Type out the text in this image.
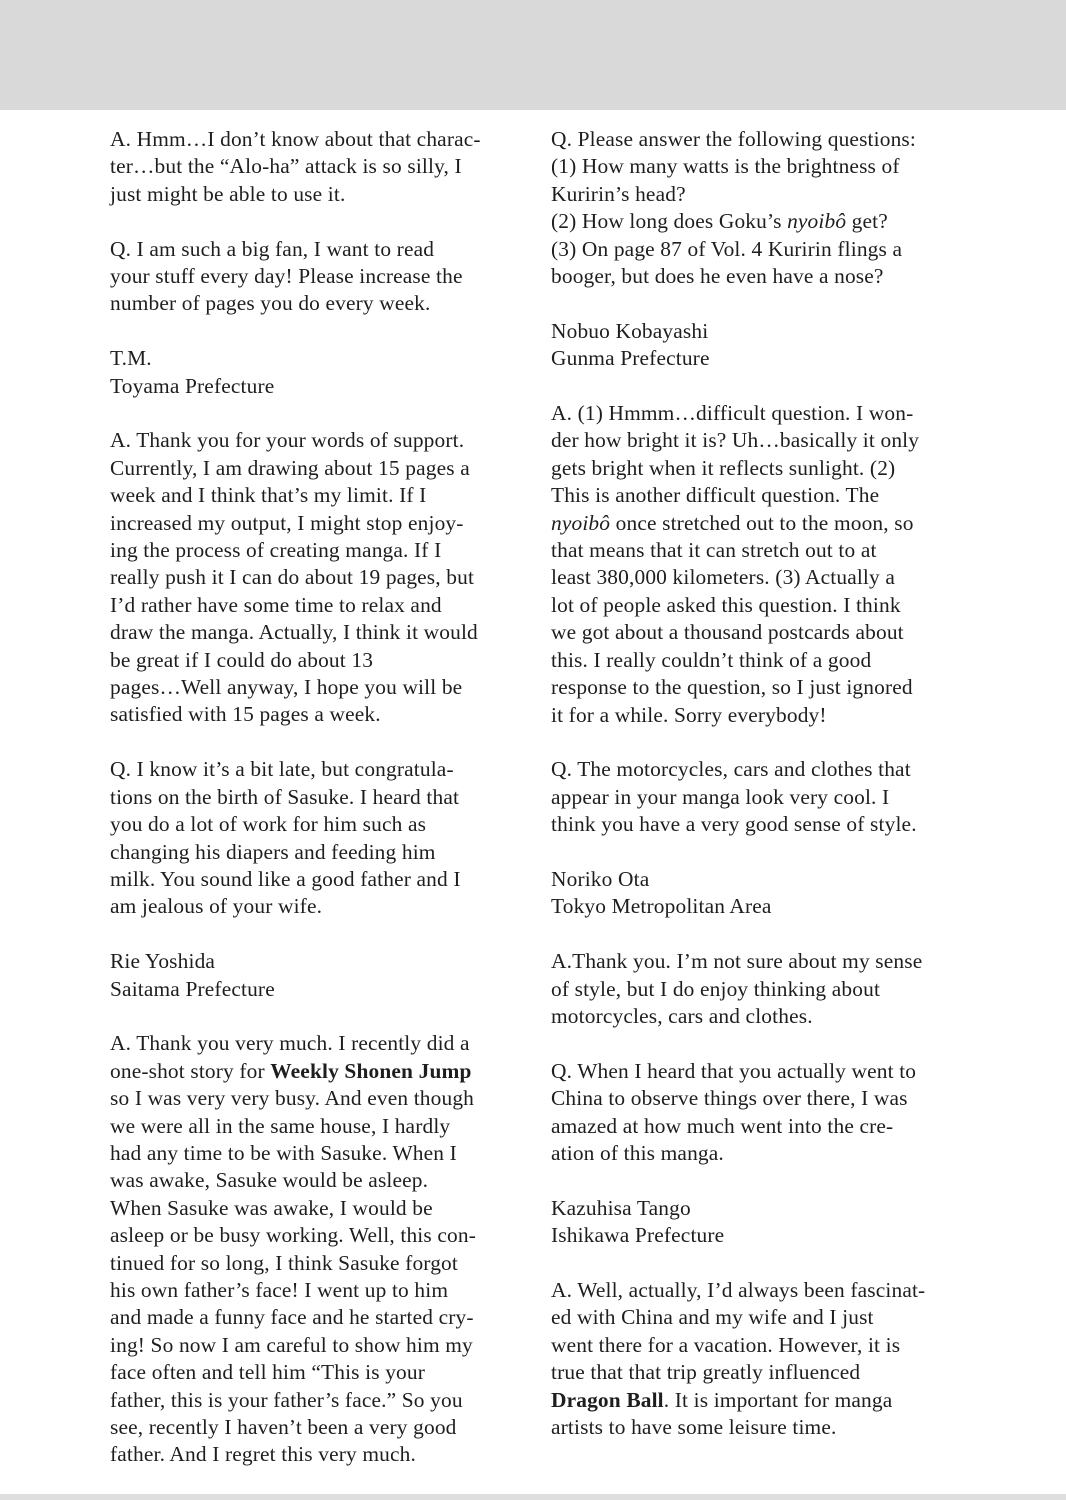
A. Hmm…I don’t know about that charac-
ter…but the “Alo-ha” attack is so silly, I
just might be able to use it.
Q. I am such a big fan, I want to read
your stuff every day! Please increase the
number of pages you do every week.
T.M.
Toyama Prefecture
A. Thank you for your words of support.
Currently, I am drawing about 15 pages a
week and I think that’s my limit. If I
increased my output, I might stop enjoy-
ing the process of creating manga. If I
really push it I can do about 19 pages, but
I’d rather have some time to relax and
draw the manga. Actually, I think it would
be great if I could do about 13
pages…Well anyway, I hope you will be
satisfied with 15 pages a week.
Q. I know it’s a bit late, but congratula-
tions on the birth of Sasuke. I heard that
you do a lot of work for him such as
changing his diapers and feeding him
milk. You sound like a good father and I
am jealous of your wife.
Rie Yoshida
Saitama Prefecture
A. Thank you very much. I recently did a
one-shot story for Weekly Shonen Jump
so I was very very busy. And even though
we were all in the same house, I hardly
had any time to be with Sasuke. When I
was awake, Sasuke would be asleep.
When Sasuke was awake, I would be
asleep or be busy working. Well, this con-
tinued for so long, I think Sasuke forgot
his own father’s face! I went up to him
and made a funny face and he started cry-
ing! So now I am careful to show him my
face often and tell him “This is your
father, this is your father’s face.” So you
see, recently I haven’t been a very good
father. And I regret this very much.
Q. Please answer the following questions:
(1) How many watts is the brightness of
Kuririn’s head?
(2) How long does Goku’s nyoibô get?
(3) On page 87 of Vol. 4 Kuririn flings a
booger, but does he even have a nose?
Nobuo Kobayashi
Gunma Prefecture
A. (1) Hmmm…difficult question. I won-
der how bright it is? Uh…basically it only
gets bright when it reflects sunlight. (2)
This is another difficult question. The
nyoibô once stretched out to the moon, so
that means that it can stretch out to at
least 380,000 kilometers. (3) Actually a
lot of people asked this question. I think
we got about a thousand postcards about
this. I really couldn’t think of a good
response to the question, so I just ignored
it for a while. Sorry everybody!
Q. The motorcycles, cars and clothes that
appear in your manga look very cool. I
think you have a very good sense of style.
Noriko Ota
Tokyo Metropolitan Area
A.Thank you. I’m not sure about my sense
of style, but I do enjoy thinking about
motorcycles, cars and clothes.
Q. When I heard that you actually went to
China to observe things over there, I was
amazed at how much went into the cre-
ation of this manga.
Kazuhisa Tango
Ishikawa Prefecture
A. Well, actually, I’d always been fascinat-
ed with China and my wife and I just
went there for a vacation. However, it is
true that that trip greatly influenced
Dragon Ball. It is important for manga
artists to have some leisure time.
